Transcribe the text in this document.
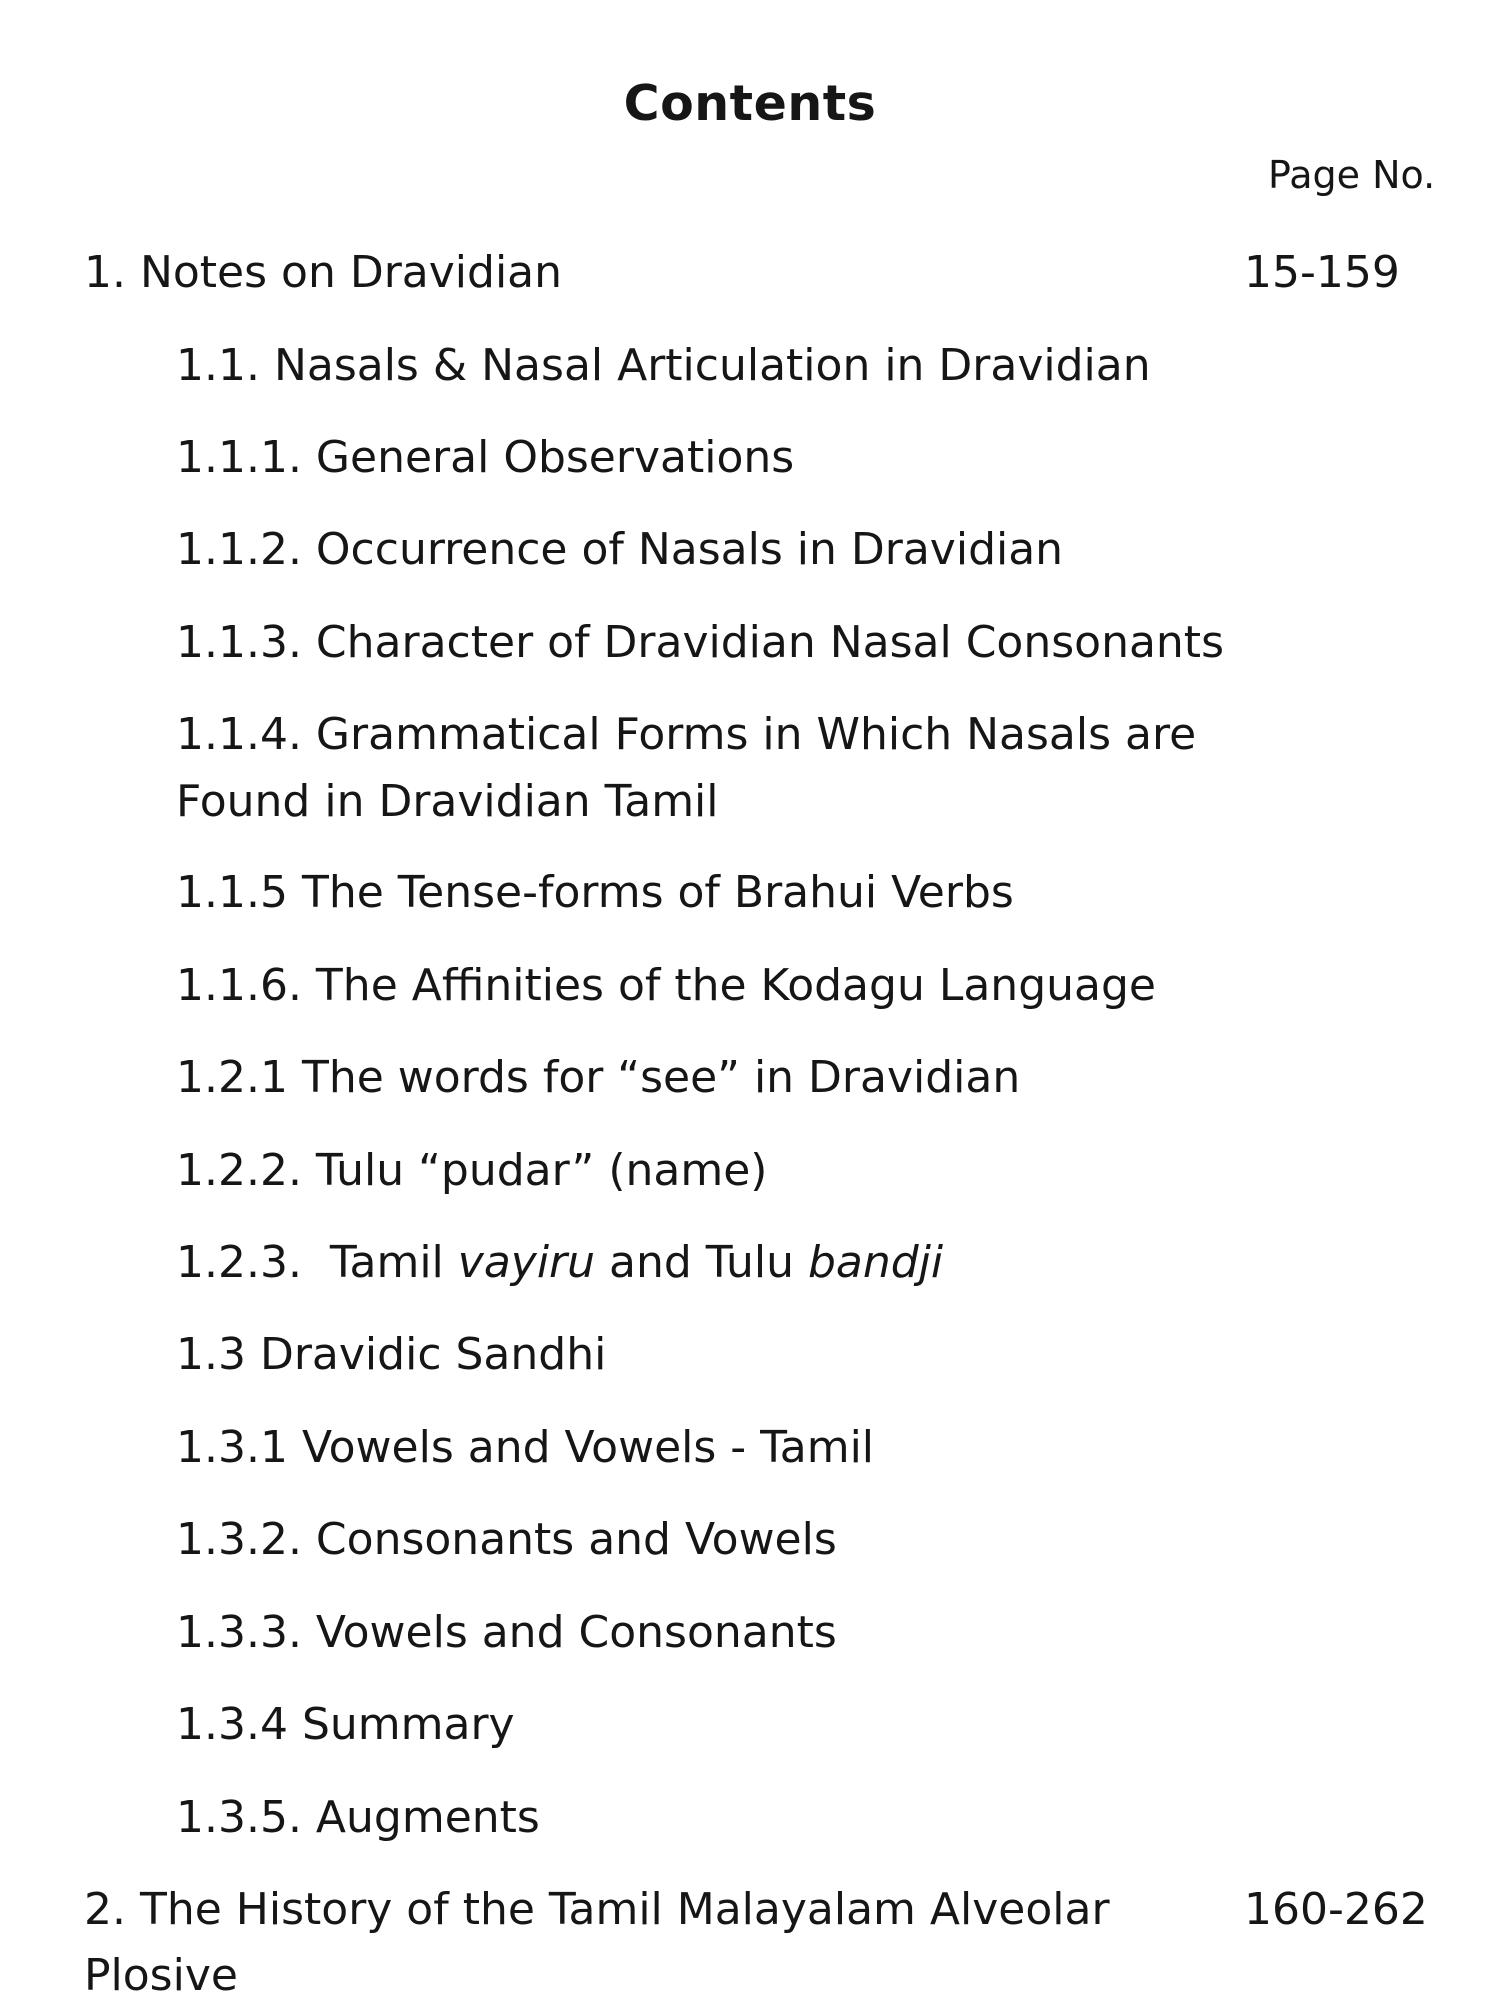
Contents
Page No.
1. Notes on Dravidian	15-159
1.1. Nasals & Nasal Articulation in Dravidian
1.1.1. General Observations
1.1.2. Occurrence of Nasals in Dravidian
1.1.3. Character of Dravidian Nasal Consonants
1.1.4. Grammatical Forms in Which Nasals are
Found in Dravidian Tamil
1.1.5 The Tense-forms of Brahui Verbs
1.1.6. The Affinities of the Kodagu Language
1.2.1 The words for “see” in Dravidian
1.2.2. Tulu “pudar” (name)
1.2.3.  Tamil vayiru and Tulu bandji
1.3 Dravidic Sandhi
1.3.1 Vowels and Vowels - Tamil
1.3.2. Consonants and Vowels
1.3.3. Vowels and Consonants
1.3.4 Summary
1.3.5. Augments
2. The History of the Tamil Malayalam Alveolar	160-262
Plosive
